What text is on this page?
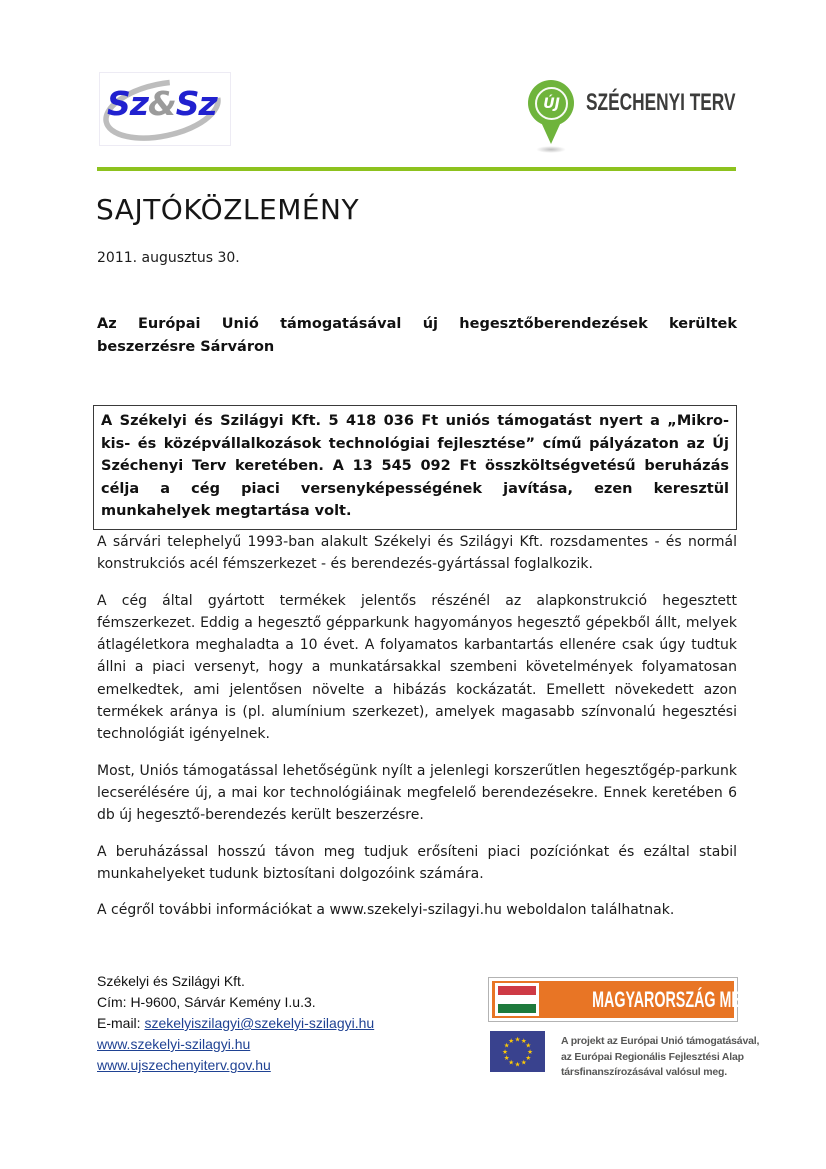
Sz&Sz	ÚJ SZÉCHENYI TERV
SAJTÓKÖZLEMÉNY
2011. augusztus 30.
Az Európai Unió támogatásával új hegesztőberendezések kerültek beszerzésre Sárváron
A Székelyi és Szilágyi Kft. 5 418 036 Ft uniós támogatást nyert a „Mikro- kis- és középvállalkozások technológiai fejlesztése” című pályázaton az Új Széchenyi Terv keretében. A 13 545 092 Ft összköltségvetésű beruházás célja a cég piaci versenyképességének javítása, ezen keresztül munkahelyek megtartása volt.

A sárvári telephelyű 1993-ban alakult Székelyi és Szilágyi Kft. rozsdamentes - és normál konstrukciós acél fémszerkezet - és berendezés-gyártással foglalkozik.

A cég által gyártott termékek jelentős részénél az alapkonstrukció hegesztett fémszerkezet. Eddig a hegesztő gépparkunk hagyományos hegesztő gépekből állt, melyek átlagéletkora meghaladta a 10 évet. A folyamatos karbantartás ellenére csak úgy tudtuk állni a piaci versenyt, hogy a munkatársakkal szembeni követelmények folyamatosan emelkedtek, ami jelentősen növelte a hibázás kockázatát. Emellett növekedett azon termékek aránya is (pl. alumínium szerkezet), amelyek magasabb színvonalú hegesztési technológiát igényelnek.

Most, Uniós támogatással lehetőségünk nyílt a jelenlegi korszerűtlen hegesztőgép-parkunk lecserélésére új, a mai kor technológiáinak megfelelő berendezésekre. Ennek keretében 6 db új hegesztő-berendezés került beszerzésre.

A beruházással hosszú távon meg tudjuk erősíteni piaci pozíciónkat és ezáltal stabil munkahelyeket tudunk biztosítani dolgozóink számára.

A cégről további információkat a www.szekelyi-szilagyi.hu weboldalon találhatnak.

Székelyi és Szilágyi Kft.
Cím: H-9600, Sárvár Kemény I.u.3.
E-mail: szekelyiszilagyi@szekelyi-szilagyi.hu
www.szekelyi-szilagyi.hu
www.ujszechenyiterv.gov.hu
MAGYARORSZÁG MEGÚJUL
★ ★
★
★
★
★
★
★
★
★
★
★	A projekt az Európai Unió támogatásával,
az Európai Regionális Fejlesztési Alap
társfinanszírozásával valósul meg.
